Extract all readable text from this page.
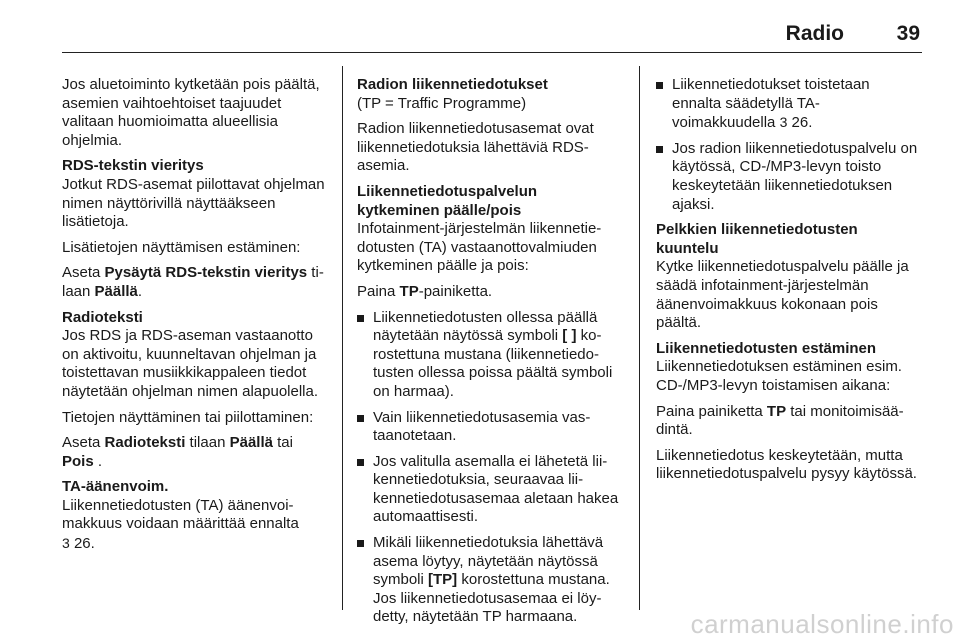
Radio	39

Jos aluetoiminto kytketään pois päältä, asemien vaihtoehtoiset taajuudet valitaan huomioimatta alueellisia ohjelmia.

RDS-tekstin vieritys

Jotkut RDS-asemat piilottavat ohjelman nimen näyttörivillä näyttääkseen lisätietoja.

Lisätietojen näyttämisen estäminen:

Aseta Pysäytä RDS-tekstin vieritys tilaan Päällä.

Radioteksti

Jos RDS ja RDS-aseman vastaanotto on aktivoitu, kuunneltavan ohjelman ja toistettavan musiikkikappaleen tiedot näytetään ohjelman nimen alapuolella.

Tietojen näyttäminen tai piilottaminen:

Aseta Radioteksti tilaan Päällä tai Pois .

TA-äänenvoim.

Liikennetiedotusten (TA) äänenvoimakkuus voidaan määrittää ennalta
3 26.

Radion liikennetiedotukset

(TP = Traffic Programme)

Radion liikennetiedotusasemat ovat liikennetiedotuksia lähettäviä RDS-asemia.

Liikennetiedotuspalvelun kytkeminen päälle/pois

Infotainment-järjestelmän liikennetiedotusten (TA) vastaanottovalmiuden kytkeminen päälle ja pois:

Paina TP-painiketta.

Liikennetiedotusten ollessa päällä näytetään näytössä symboli [ ] korostettuna mustana (liikennetiedotusten ollessa poissa päältä symboli on harmaa).
Vain liikennetiedotusasemia vastaanotetaan.
Jos valitulla asemalla ei lähetetä liikennetiedotuksia, seuraavaa liikennetiedotusasemaa aletaan hakea automaattisesti.
Mikäli liikennetiedotuksia lähettävä asema löytyy, näytetään näytössä symboli [TP] korostettuna mustana. Jos liikennetiedotusasemaa ei löydetty, näytetään TP harmaana.
Liikennetiedotukset toistetaan ennalta säädetyllä TA-voimakkuudella 3 26.
Jos radion liikennetiedotuspalvelu on käytössä, CD-/MP3-levyn toisto keskeytetään liikennetiedotuksen ajaksi.
Pelkkien liikennetiedotusten kuuntelu

Kytke liikennetiedotuspalvelu päälle ja säädä infotainment-järjestelmän äänenvoimakkuus kokonaan pois päältä.

Liikennetiedotusten estäminen

Liikennetiedotuksen estäminen esim. CD-/MP3-levyn toistamisen aikana:

Paina painiketta TP tai monitoimisäädintä.

Liikennetiedotus keskeytetään, mutta liikennetiedotuspalvelu pysyy käytössä.

carmanualsonline.info
